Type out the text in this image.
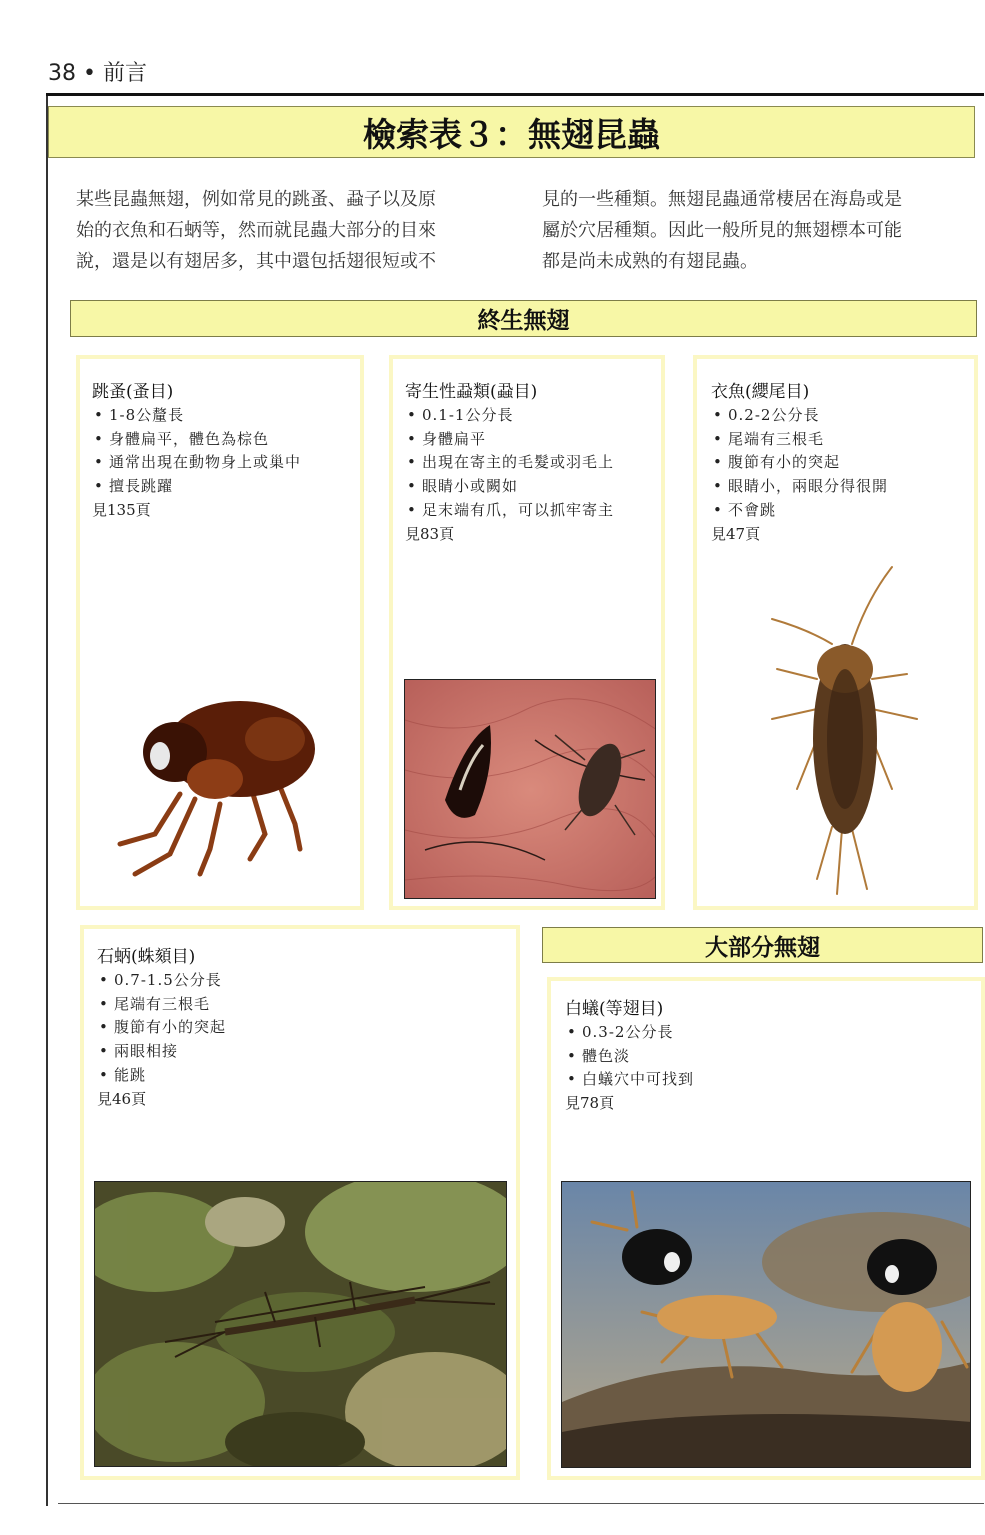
38 • 前言
檢索表３：無翅昆蟲
某些昆蟲無翅，例如常見的跳蚤、蝨子以及原
始的衣魚和石蛃等，然而就昆蟲大部分的目來
說，還是以有翅居多，其中還包括翅很短或不
見的一些種類。無翅昆蟲通常棲居在海島或是
屬於穴居種類。因此一般所見的無翅標本可能
都是尚未成熟的有翅昆蟲。
終生無翅
跳蚤(蚤目)
• 1-8公釐長
• 身體扁平，體色為棕色
• 通常出現在動物身上或巢中
• 擅長跳躍
見135頁
寄生性蝨類(蝨目)
• 0.1-1公分長
• 身體扁平
• 出現在寄主的毛髮或羽毛上
• 眼睛小或闕如
• 足末端有爪，可以抓牢寄主
見83頁
衣魚(纓尾目)
• 0.2-2公分長
• 尾端有三根毛
• 腹節有小的突起
• 眼睛小，兩眼分得很開
• 不會跳
見47頁
石蛃(蛛頦目)
• 0.7-1.5公分長
• 尾端有三根毛
• 腹節有小的突起
• 兩眼相接
• 能跳
見46頁
大部分無翅
白蟻(等翅目)
• 0.3-2公分長
• 體色淡
• 白蟻穴中可找到
見78頁
